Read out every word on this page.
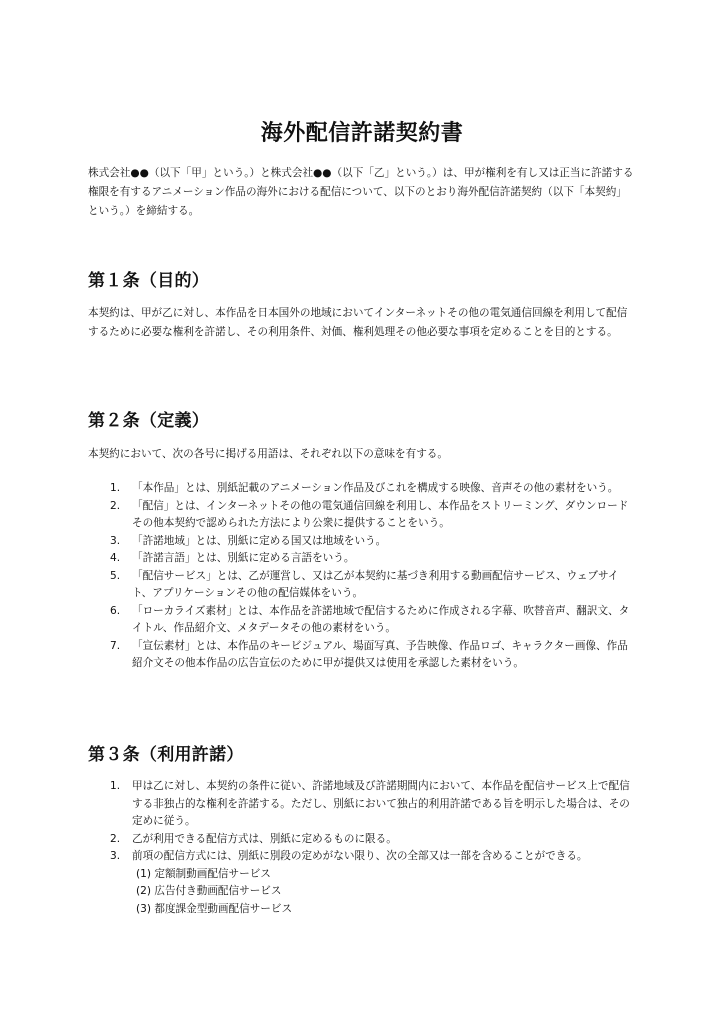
海外配信許諾契約書

株式会社●●（以下「甲」という。）と株式会社●●（以下「乙」という。）は、甲が権利を有し又は正当に許諾する権限を有するアニメーション作品の海外における配信について、以下のとおり海外配信許諾契約（以下「本契約」という。）を締結する。

第１条（目的）

本契約は、甲が乙に対し、本作品を日本国外の地域においてインターネットその他の電気通信回線を利用して配信するために必要な権利を許諾し、その利用条件、対価、権利処理その他必要な事項を定めることを目的とする。

第２条（定義）

本契約において、次の各号に掲げる用語は、それぞれ以下の意味を有する。

1. 「本作品」とは、別紙記載のアニメーション作品及びこれを構成する映像、音声その他の素材をいう。
2. 「配信」とは、インターネットその他の電気通信回線を利用し、本作品をストリーミング、ダウンロードその他本契約で認められた方法により公衆に提供することをいう。
3. 「許諾地域」とは、別紙に定める国又は地域をいう。
4. 「許諾言語」とは、別紙に定める言語をいう。
5. 「配信サービス」とは、乙が運営し、又は乙が本契約に基づき利用する動画配信サービス、ウェブサイト、アプリケーションその他の配信媒体をいう。
6. 「ローカライズ素材」とは、本作品を許諾地域で配信するために作成される字幕、吹替音声、翻訳文、タイトル、作品紹介文、メタデータその他の素材をいう。
7. 「宣伝素材」とは、本作品のキービジュアル、場面写真、予告映像、作品ロゴ、キャラクター画像、作品紹介文その他本作品の広告宣伝のために甲が提供又は使用を承認した素材をいう。
第３条（利用許諾）
1. 甲は乙に対し、本契約の条件に従い、許諾地域及び許諾期間内において、本作品を配信サービス上で配信する非独占的な権利を許諾する。ただし、別紙において独占的利用許諾である旨を明示した場合は、その定めに従う。
2. 乙が利用できる配信方式は、別紙に定めるものに限る。
3. 前項の配信方式には、別紙に別段の定めがない限り、次の全部又は一部を含めることができる。
(1) 定額制動画配信サービス
(2) 広告付き動画配信サービス
(3) 都度課金型動画配信サービス
